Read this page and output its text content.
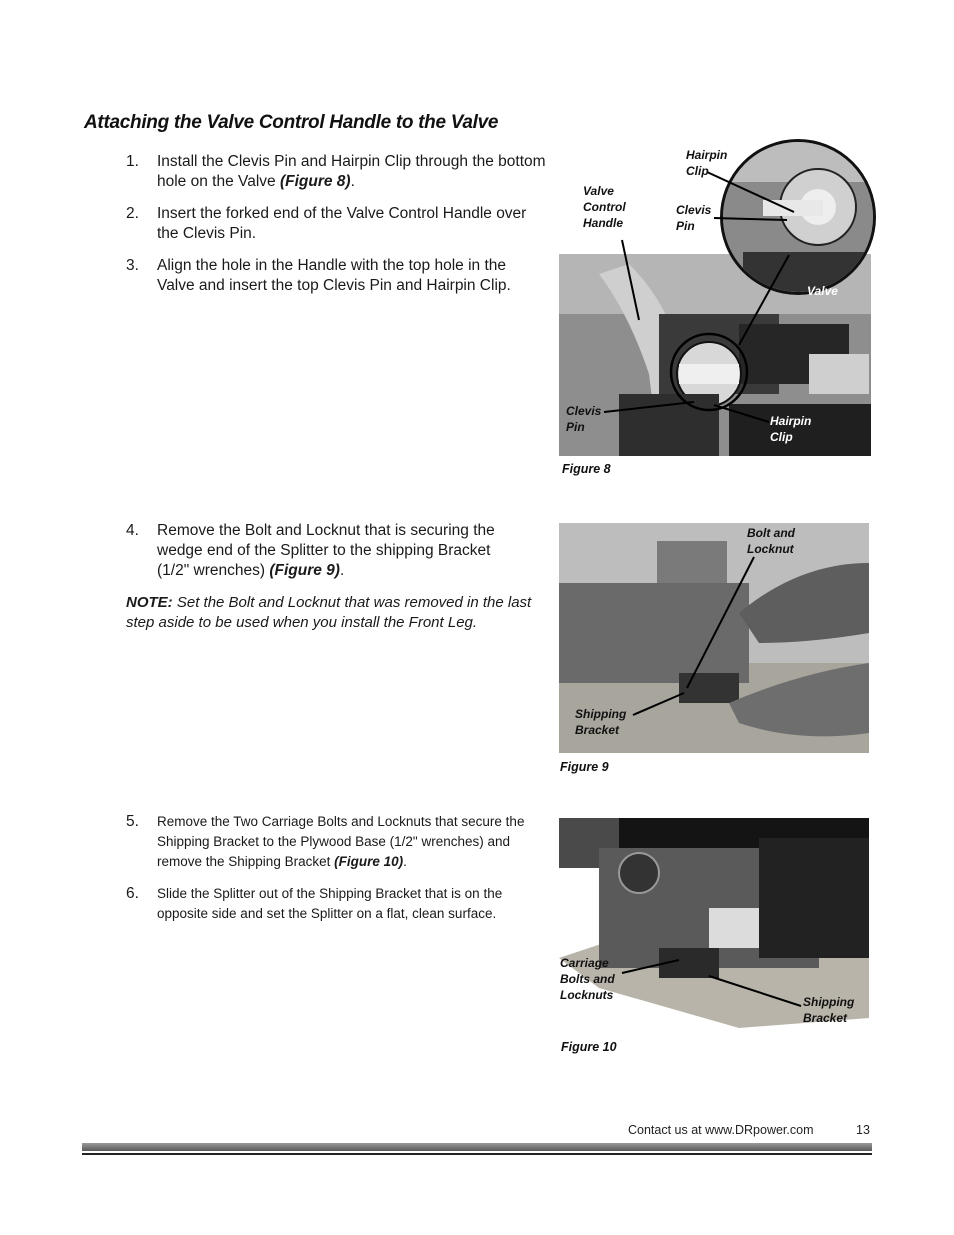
Attaching the Valve Control Handle to the Valve
1. Install the Clevis Pin and Hairpin Clip through the bottom hole on the Valve (Figure 8).
2. Insert the forked end of the Valve Control Handle over the Clevis Pin.
3. Align the hole in the Handle with the top hole in the Valve and insert the top Clevis Pin and Hairpin Clip.
Hairpin Clip
Valve Control Handle
Clevis Pin
Valve
Clevis Pin	Hairpin Clip
Figure 8
4. Remove the Bolt and Locknut that is securing the wedge end of the Splitter to the shipping Bracket (1/2" wrenches) (Figure 9).
NOTE: Set the Bolt and Locknut that was removed in the last step aside to be used when you install the Front Leg.
Bolt and Locknut
Shipping Bracket
Figure 9
5. Remove the Two Carriage Bolts and Locknuts that secure the Shipping Bracket to the Plywood Base (1/2" wrenches) and remove the Shipping Bracket (Figure 10).
6. Slide the Splitter out of the Shipping Bracket that is on the opposite side and set the Splitter on a flat, clean surface.
Carriage Bolts and Locknuts	Shipping Bracket
Figure 10
Contact us at www.DRpower.com	13
